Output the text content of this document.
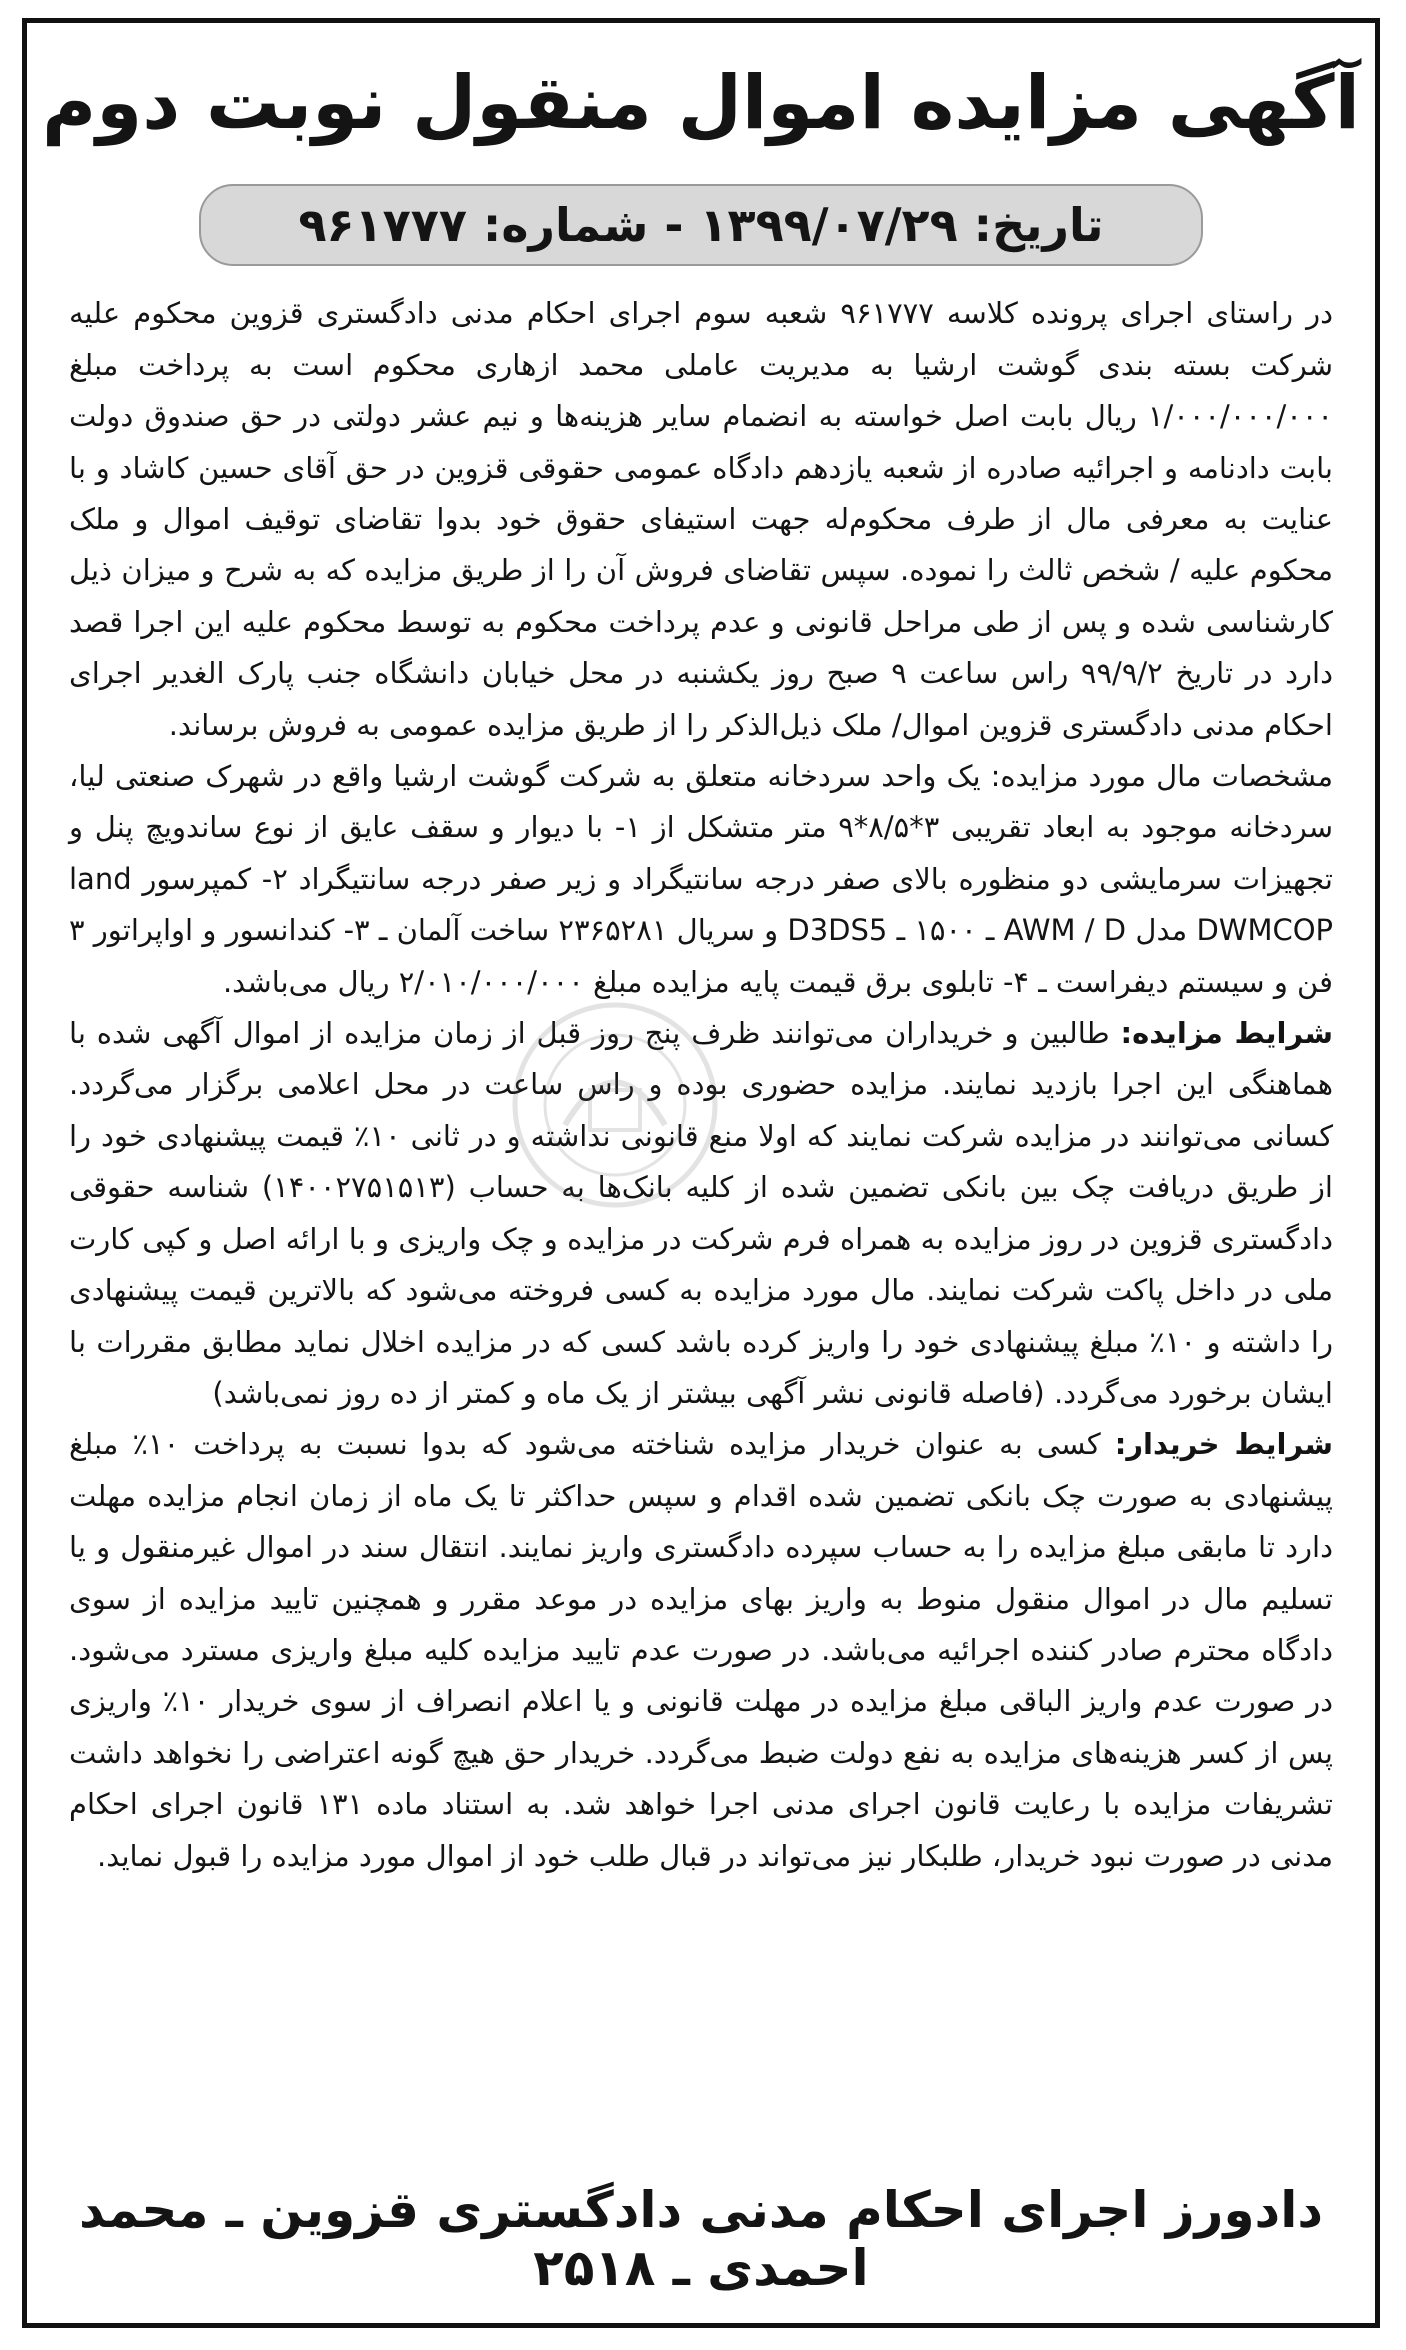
آگهی مزایده اموال منقول نوبت دوم
تاریخ: ۱۳۹۹/۰۷/۲۹ - شماره: ۹۶۱۷۷۷

در راستای اجرای پرونده کلاسه ۹۶۱۷۷۷ شعبه سوم اجرای احکام مدنی دادگستری قزوین محکوم علیه شرکت بسته بندی گوشت ارشیا به مدیریت عاملی محمد ازهاری محکوم است به پرداخت مبلغ ۱/۰۰۰/۰۰۰/۰۰۰ ریال بابت اصل خواسته به انضمام سایر هزینه‌ها و نیم عشر دولتی در حق صندوق دولت بابت دادنامه و اجرائیه صادره از شعبه یازدهم دادگاه عمومی حقوقی قزوین در حق آقای حسین کاشاد و با عنایت به معرفی مال از طرف محکوم‌له جهت استیفای حقوق خود بدوا تقاضای توقیف اموال و ملک محکوم علیه / شخص ثالث را نموده. سپس تقاضای فروش آن را از طریق مزایده که به شرح و میزان ذیل کارشناسی شده و پس از طی مراحل قانونی و عدم پرداخت محکوم به توسط محکوم علیه این اجرا قصد دارد در تاریخ ۹۹/۹/۲ راس ساعت ۹ صبح روز یکشنبه در محل خیابان دانشگاه جنب پارک الغدیر اجرای احکام مدنی دادگستری قزوین اموال/ ملک ذیل‌الذکر را از طریق مزایده عمومی به فروش برساند.

مشخصات مال مورد مزایده: یک واحد سردخانه متعلق به شرکت گوشت ارشیا واقع در شهرک صنعتی لیا، سردخانه موجود به ابعاد تقریبی ۳*۸/۵*۹ متر متشکل از ۱- با دیوار و سقف عایق از نوع ساندویچ پنل و تجهیزات سرمایشی دو منظوره بالای صفر درجه سانتیگراد و زیر صفر درجه سانتیگراد ۲- کمپرسور land DWMCOP مدل AWM / D ـ ۱۵۰۰ ـ D3DS5 و سریال ۲۳۶۵۲۸۱ ساخت آلمان ـ ۳- کندانسور و اواپراتور ۳ فن و سیستم دیفراست ـ ۴- تابلوی برق قیمت پایه مزایده مبلغ ۲/۰۱۰/۰۰۰/۰۰۰ ریال می‌باشد.

شرایط مزایده: طالبین و خریداران می‌توانند ظرف پنج روز قبل از زمان مزایده از اموال آگهی شده با هماهنگی این اجرا بازدید نمایند. مزایده حضوری بوده و راس ساعت در محل اعلامی برگزار می‌گردد. کسانی می‌توانند در مزایده شرکت نمایند که اولا منع قانونی نداشته و در ثانی ۱۰٪ قیمت پیشنهادی خود را از طریق دریافت چک بین بانکی تضمین شده از کلیه بانک‌ها به حساب (۱۴۰۰۲۷۵۱۵۱۳) شناسه حقوقی دادگستری قزوین در روز مزایده به همراه فرم شرکت در مزایده و چک واریزی و با ارائه اصل و کپی کارت ملی در داخل پاکت شرکت نمایند. مال مورد مزایده به کسی فروخته می‌شود که بالاترین قیمت پیشنهادی را داشته و ۱۰٪ مبلغ پیشنهادی خود را واریز کرده باشد کسی که در مزایده اخلال نماید مطابق مقررات با ایشان برخورد می‌گردد. (فاصله قانونی نشر آگهی بیشتر از یک ماه و کمتر از ده روز نمی‌باشد)

شرایط خریدار: کسی به عنوان خریدار مزایده شناخته می‌شود که بدوا نسبت به پرداخت ۱۰٪ مبلغ پیشنهادی به صورت چک بانکی تضمین شده اقدام و سپس حداکثر تا یک ماه از زمان انجام مزایده مهلت دارد تا مابقی مبلغ مزایده را به حساب سپرده دادگستری واریز نمایند. انتقال سند در اموال غیرمنقول و یا تسلیم مال در اموال منقول منوط به واریز بهای مزایده در موعد مقرر و همچنین تایید مزایده از سوی دادگاه محترم صادر کننده اجرائیه می‌باشد. در صورت عدم تایید مزایده کلیه مبلغ واریزی مسترد می‌شود. در صورت عدم واریز الباقی مبلغ مزایده در مهلت قانونی و یا اعلام انصراف از سوی خریدار ۱۰٪ واریزی پس از کسر هزینه‌های مزایده به نفع دولت ضبط می‌گردد. خریدار حق هیچ گونه اعتراضی را نخواهد داشت تشریفات مزایده با رعایت قانون اجرای مدنی اجرا خواهد شد. به استناد ماده ۱۳۱ قانون اجرای احکام مدنی در صورت نبود خریدار، طلبکار نیز می‌تواند در قبال طلب خود از اموال مورد مزایده را قبول نماید.

دادورز اجرای احکام مدنی دادگستری قزوین ـ محمد احمدی ـ ۲۵۱۸
